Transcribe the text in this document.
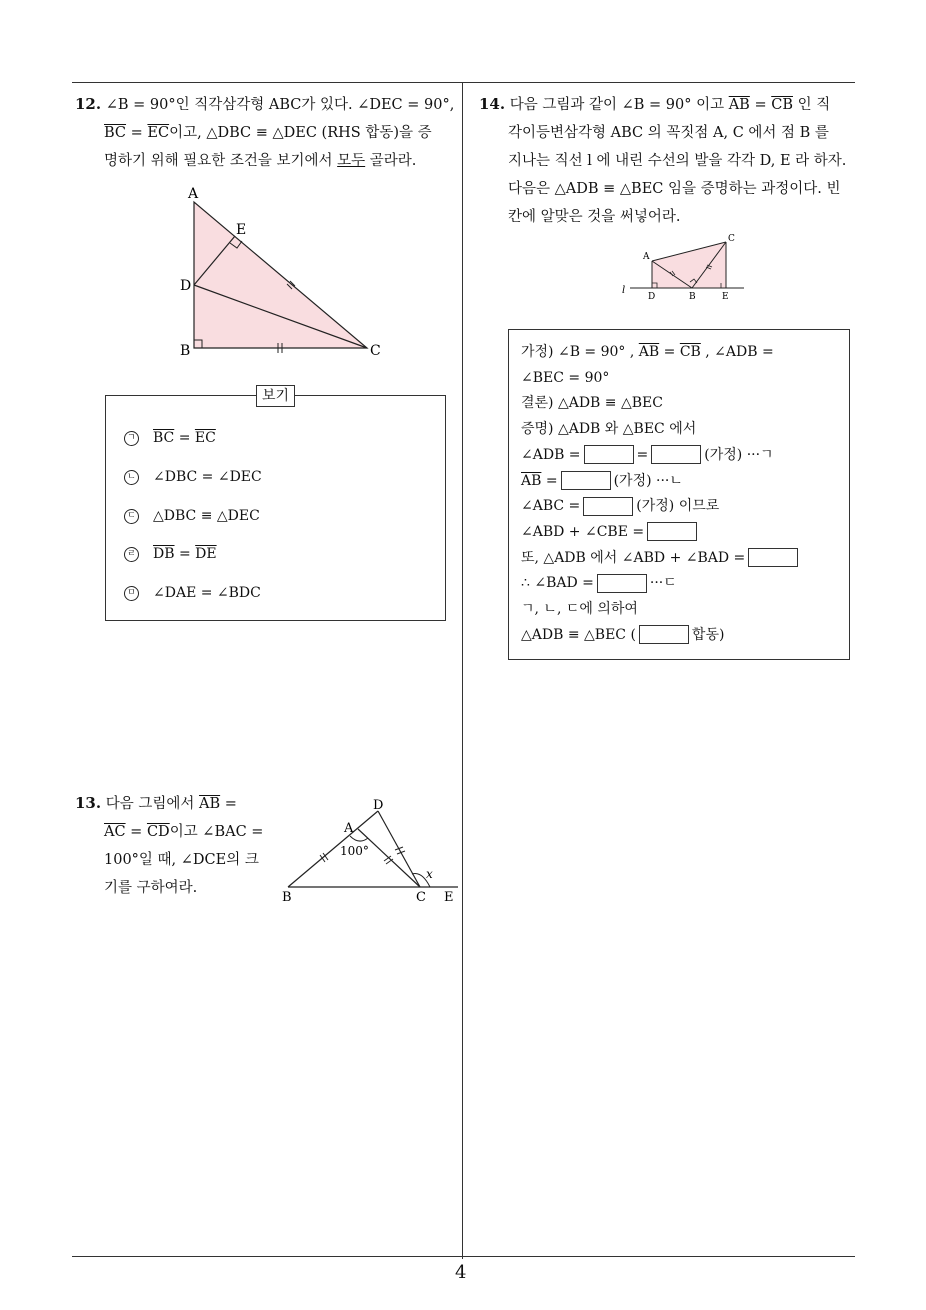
4
12. ∠B = 90°인 직각삼각형 ABC가 있다. ∠DEC = 90°,
$\overline{BC} = \overline{EC}$이고, △DBC ≡ △DEC (RHS 합동)을 증
명하기 위해 필요한 조건을 보기에서 모두 골라라.
A
D
E
B	C
보기
ㄱ $\overline{BC} = \overline{EC}$
ㄴ ∠DBC = ∠DEC
ㄷ △DBC ≡ △DEC
ㄹ $\overline{DB} = \overline{DE}$
ㅁ ∠DAE = ∠BDC
13. 다음 그림에서 $\overline{AB}$ =
$\overline{AC} = \overline{CD}$이고 ∠BAC =
100°일 때, ∠DCE의 크
기를 구하여라.
D
A
100°
B	C E
x
14. 다음 그림과 같이 ∠B = 90° 이고 $\overline{AB} = \overline{CB}$ 인 직
각이등변삼각형 ABC 의 꼭짓점 A, C 에서 점 B 를
지나는 직선 l 에 내린 수선의 발을 각각 D, E 라 하자.
다음은 △ADB ≡ △BEC 임을 증명하는 과정이다. 빈
칸에 알맞은 것을 써넣어라.
A
C
D	B	E
l
가정) ∠B = 90° , $\overline{AB} = \overline{CB}$ , ∠ADB =
∠BEC = 90°
결론) △ADB ≡ △BEC
증명) △ADB 와 △BEC 에서
∠ADB =	=	(가정) ···ㄱ
$\overline{AB}$ =	(가정) ···ㄴ
∠ABC =	(가정) 이므로
∠ABD + ∠CBE =
또, △ADB 에서 ∠ABD + ∠BAD =
∴ ∠BAD =	···ㄷ
ㄱ, ㄴ, ㄷ에 의하여
△ADB ≡ △BEC (	합동)
